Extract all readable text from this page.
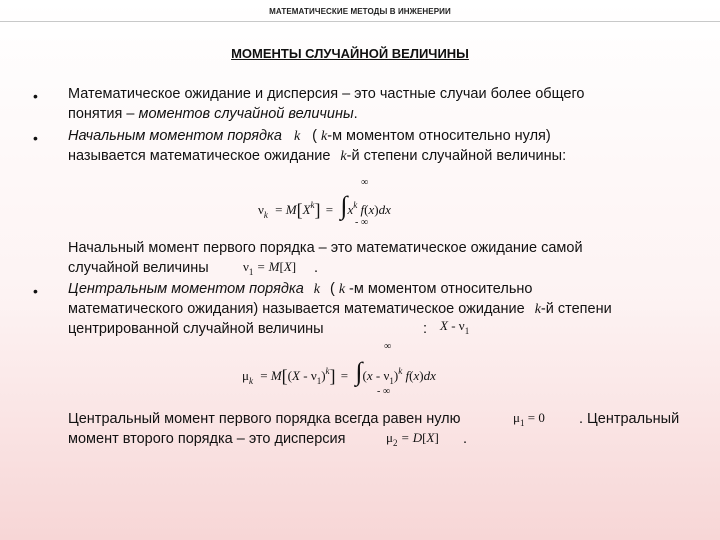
МАТЕМАТИЧЕСКИЕ МЕТОДЫ В ИНЖЕНЕРИИ
МОМЕНТЫ СЛУЧАЙНОЙ ВЕЛИЧИНЫ
• Математическое ожидание и дисперсия – это частные случаи более общего
понятия – моментов случайной величины.
• Начальным моментом порядка k ( k-м моментом относительно нуля)
называется математическое ожидание k-й степени случайной величины:
$\nu_k = M[X^k] = \int x^k$ f(x)dx
∞
- ∞
Начальный момент первого порядка – это математическое ожидание самой
случайной величины	$\nu_1 = M[X]$ .
• Центральным моментом порядка k ( k -м моментом относительно
математического ожидания) называется математическое ожидание k-й степени
центрированной случайной величины	: X - $\nu_1$
$\mu_k = M[(X - \nu_1)^k] = \int(x - \nu_1)^k$ f(x)dx
∞
- ∞
Центральный момент первого порядка всегда равен нулю	$\mu_1 = 0$ . Центральный
момент второго порядка – это дисперсия	$\mu_2 = D[X]$ .
